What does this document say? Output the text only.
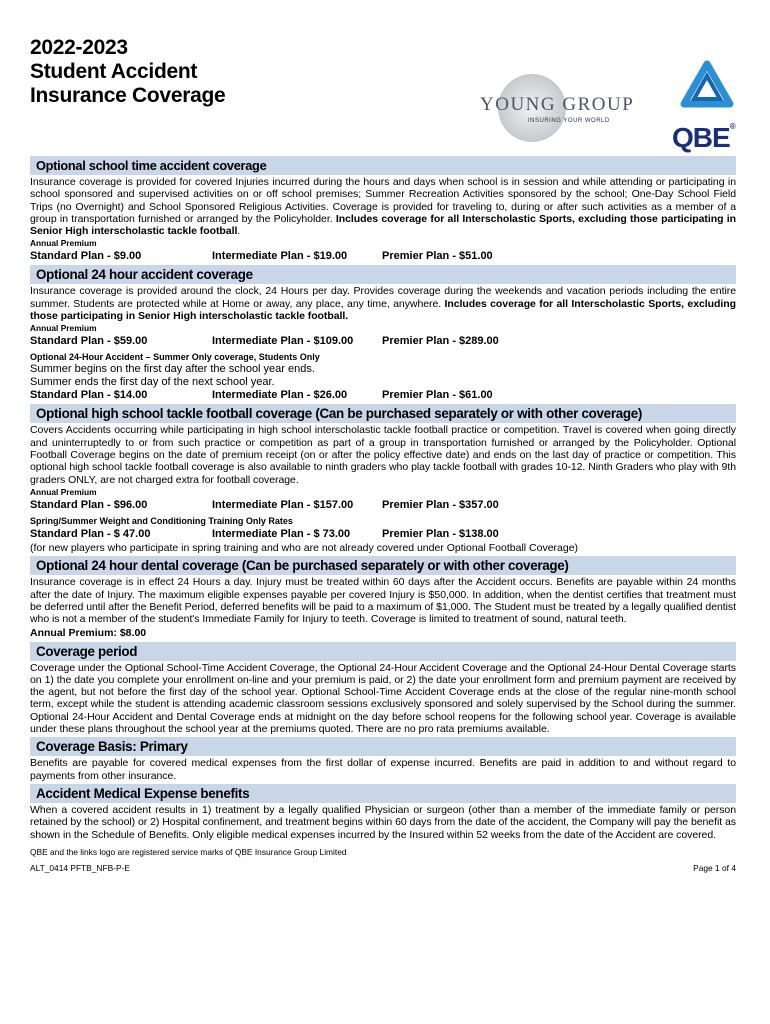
2022-2023
Student Accident
Insurance Coverage	YOUNG GROUP
INSURING YOUR WORLD
QBE®
Optional school time accident coverage

Insurance coverage is provided for covered Injuries incurred during the hours and days when school is in session and while attending or participating in school sponsored and supervised activities on or off school premises; Summer Recreation Activities sponsored by the school; One-Day School Field Trips (no Overnight) and School Sponsored Religious Activities. Coverage is provided for traveling to, during or after such activities as a member of a group in transportation furnished or arranged by the Policyholder. Includes coverage for all Interscholastic Sports, excluding those participating in Senior High interscholastic tackle football.

Annual Premium
Standard Plan - $9.00	Intermediate Plan - $19.00	Premier Plan - $51.00
Optional 24 hour accident coverage

Insurance coverage is provided around the clock, 24 Hours per day. Provides coverage during the weekends and vacation periods including the entire summer. Students are protected while at Home or away, any place, any time, anywhere. Includes coverage for all Interscholastic Sports, excluding those participating in Senior High interscholastic tackle football.

Annual Premium
Standard Plan - $59.00	Intermediate Plan - $109.00	Premier Plan - $289.00
Optional 24-Hour Accident – Summer Only coverage, Students Only
Summer begins on the first day after the school year ends.
Summer ends the first day of the next school year.
Standard Plan - $14.00	Intermediate Plan - $26.00	Premier Plan - $61.00
Optional high school tackle football coverage (Can be purchased separately or with other coverage)

Covers Accidents occurring while participating in high school interscholastic tackle football practice or competition. Travel is covered when going directly and uninterruptedly to or from such practice or competition as part of a group in transportation furnished or arranged by the Policyholder. Optional Football Coverage begins on the date of premium receipt (on or after the policy effective date) and ends on the last day of practice or competition. This optional high school tackle football coverage is also available to ninth graders who play tackle football with grades 10-12. Ninth Graders who play with 9th graders ONLY, are not charged extra for football coverage.

Annual Premium
Standard Plan - $96.00	Intermediate Plan - $157.00	Premier Plan - $357.00
Spring/Summer Weight and Conditioning Training Only Rates
Standard Plan - $ 47.00	Intermediate Plan - $ 73.00	Premier Plan - $138.00
(for new players who participate in spring training and who are not already covered under Optional Football Coverage)
Optional 24 hour dental coverage (Can be purchased separately or with other coverage)

Insurance coverage is in effect 24 Hours a day. Injury must be treated within 60 days after the Accident occurs. Benefits are payable within 24 months after the date of Injury. The maximum eligible expenses payable per covered Injury is $50,000. In addition, when the dentist certifies that treatment must be deferred until after the Benefit Period, deferred benefits will be paid to a maximum of $1,000. The Student must be treated by a legally qualified dentist who is not a member of the student's Immediate Family for Injury to teeth. Coverage is limited to treatment of sound, natural teeth.

Annual Premium: $8.00
Coverage period

Coverage under the Optional School-Time Accident Coverage, the Optional 24-Hour Accident Coverage and the Optional 24-Hour Dental Coverage starts on 1) the date you complete your enrollment on-line and your premium is paid, or 2) the date your enrollment form and premium payment are received by the agent, but not before the first day of the school year. Optional School-Time Accident Coverage ends at the close of the regular nine-month school term, except while the student is attending academic classroom sessions exclusively sponsored and solely supervised by the School during the summer. Optional 24-Hour Accident and Dental Coverage ends at midnight on the day before school reopens for the following school year. Coverage is available under these plans throughout the school year at the premiums quoted. There are no pro rata premiums available.

Coverage Basis: Primary

Benefits are payable for covered medical expenses from the first dollar of expense incurred. Benefits are paid in addition to and without regard to payments from other insurance.

Accident Medical Expense benefits

When a covered accident results in 1) treatment by a legally qualified Physician or surgeon (other than a member of the immediate family or person retained by the school) or 2) Hospital confinement, and treatment begins within 60 days from the date of the accident, the Company will pay the benefit as shown in the Schedule of Benefits. Only eligible medical expenses incurred by the Insured within 52 weeks from the date of the Accident are covered.

QBE and the links logo are registered service marks of QBE Insurance Group Limited
ALT_0414 PFTB_NFB-P-E	Page 1 of 4
